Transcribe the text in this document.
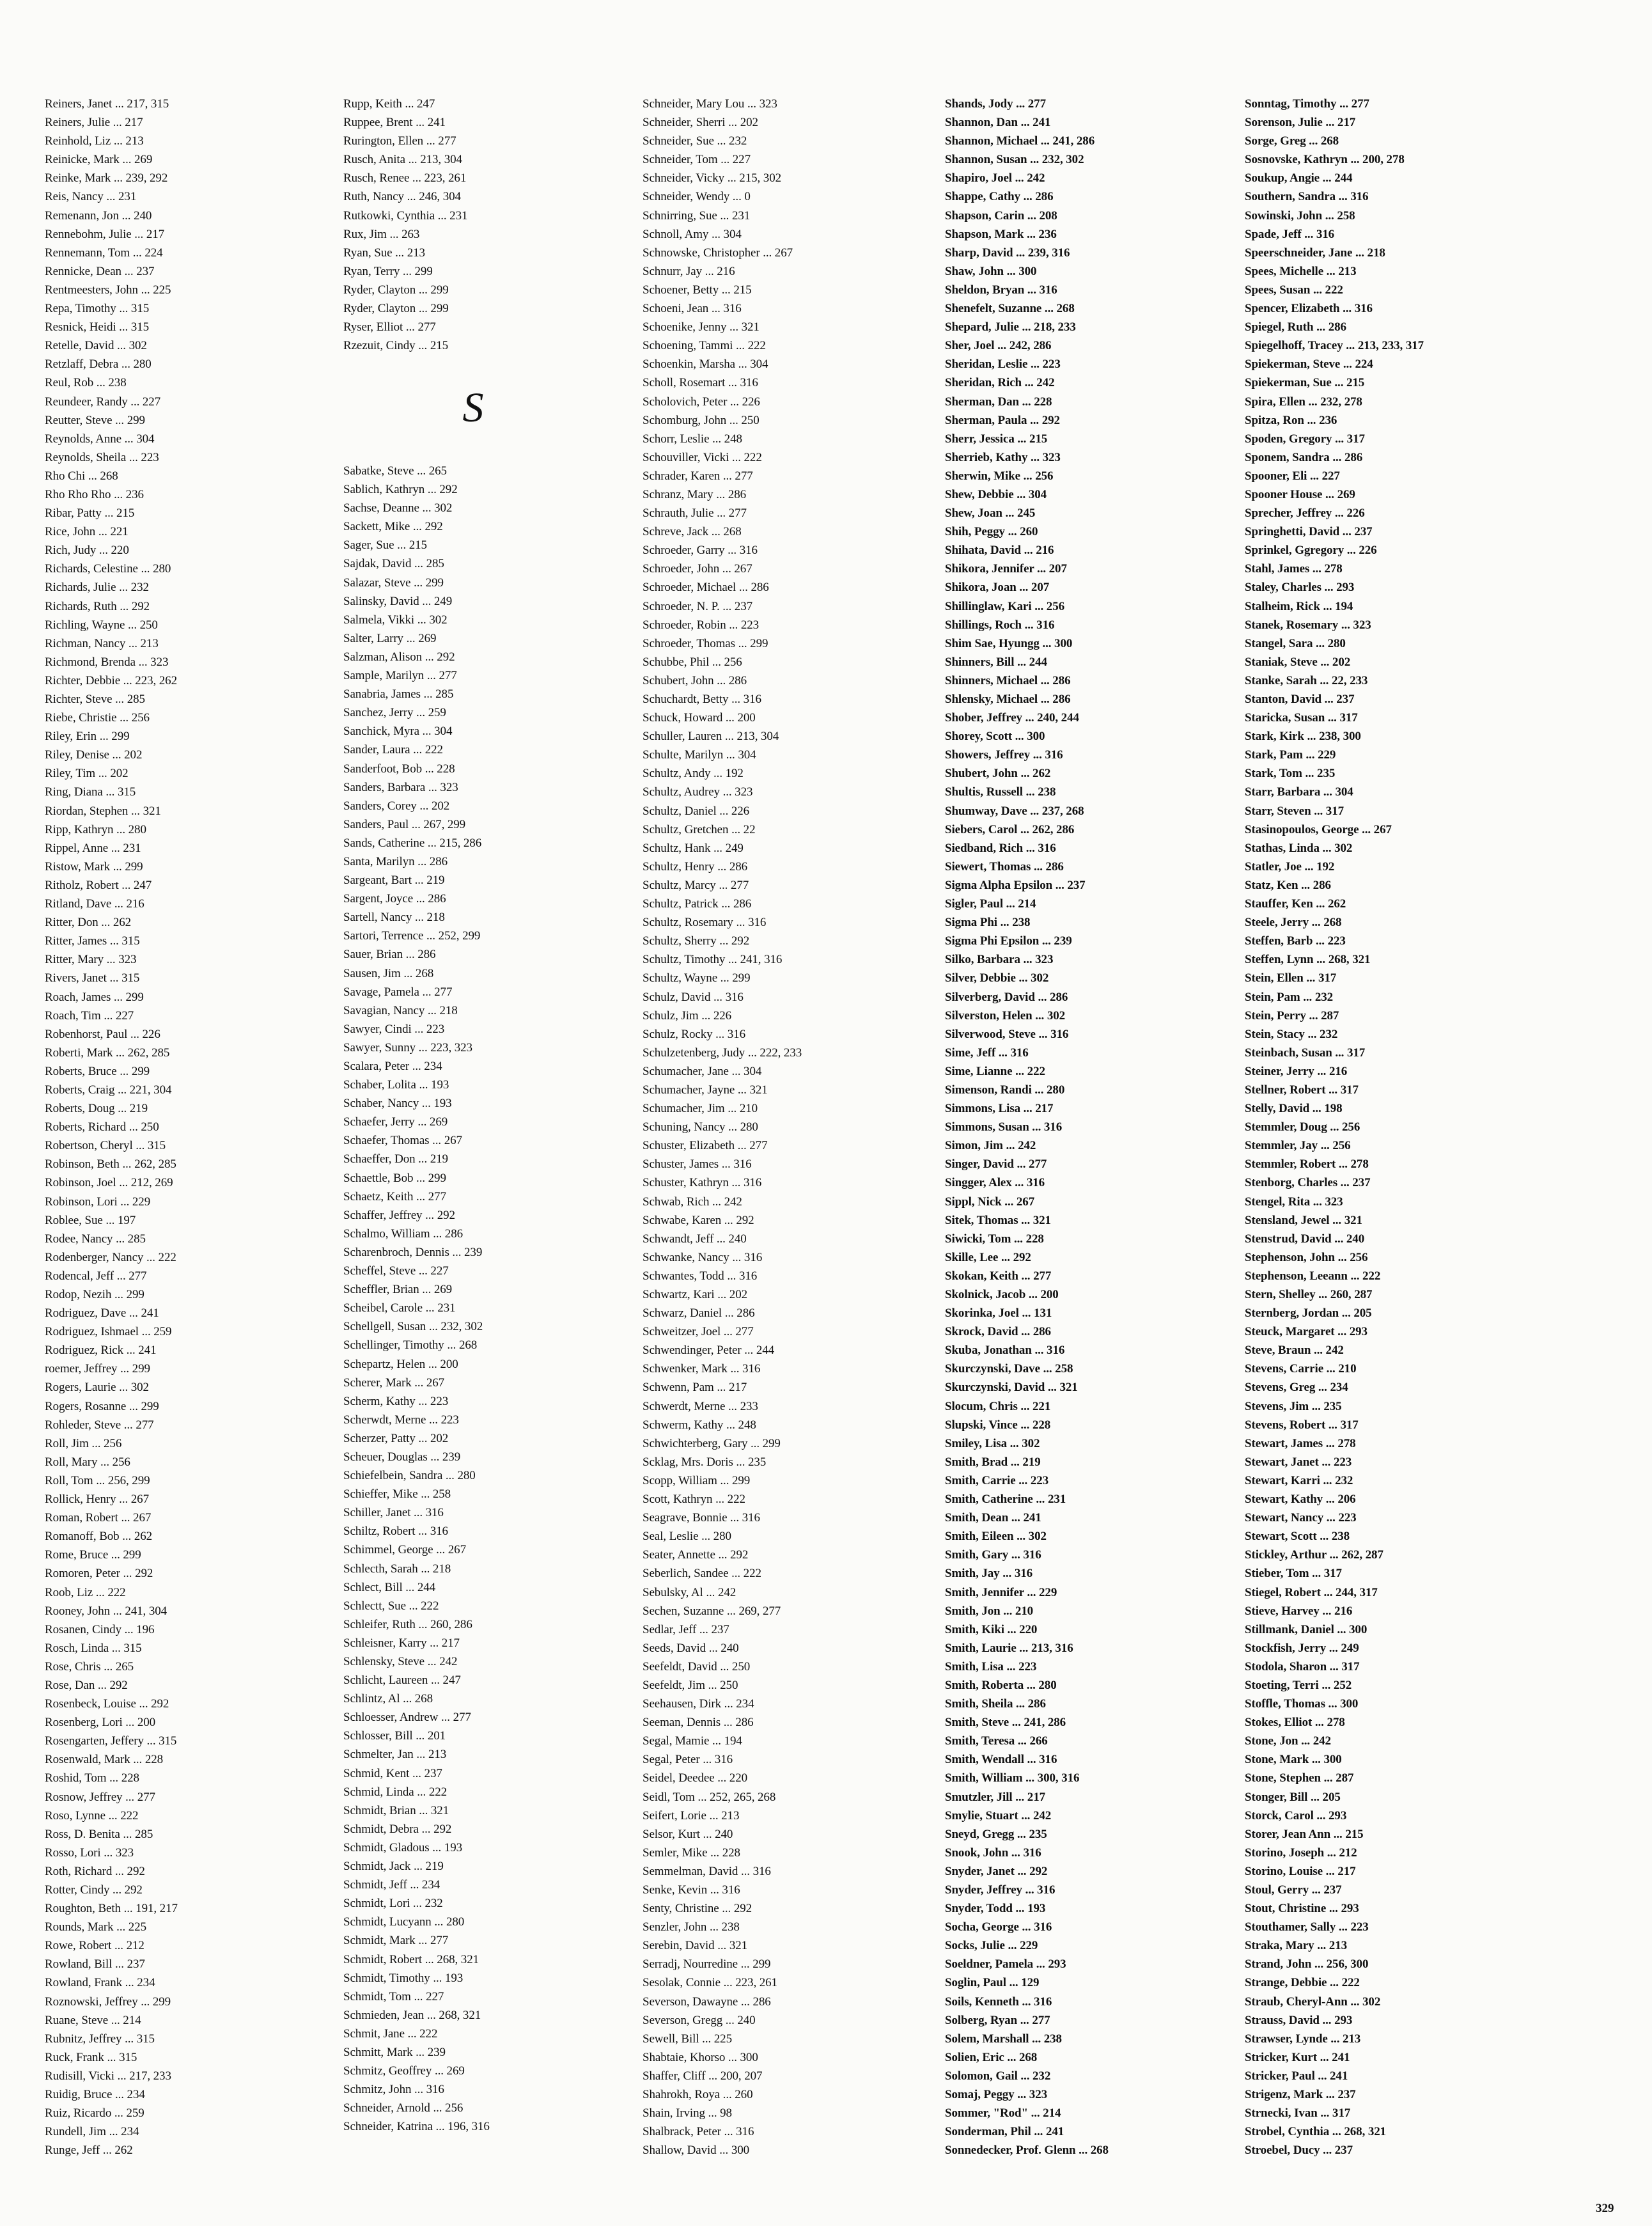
Reiners, Janet ... 217, 315
Reiners, Julie ... 217
Reinhold, Liz ... 213
Reinicke, Mark ... 269
Reinke, Mark ... 239, 292
Reis, Nancy ... 231
Remenann, Jon ... 240
Rennebohm, Julie ... 217
Rennemann, Tom ... 224
Rennicke, Dean ... 237
Rentmeesters, John ... 225
Repa, Timothy ... 315
Resnick, Heidi ... 315
Retelle, David ... 302
Retzlaff, Debra ... 280
Reul, Rob ... 238
Reundeer, Randy ... 227
Reutter, Steve ... 299
Reynolds, Anne ... 304
Reynolds, Sheila ... 223
Rho Chi ... 268
Rho Rho Rho ... 236
Ribar, Patty ... 215
Rice, John ... 221
Rich, Judy ... 220
Richards, Celestine ... 280
Richards, Julie ... 232
Richards, Ruth ... 292
Richling, Wayne ... 250
Richman, Nancy ... 213
Richmond, Brenda ... 323
Richter, Debbie ... 223, 262
Richter, Steve ... 285
Riebe, Christie ... 256
Riley, Erin ... 299
Riley, Denise ... 202
Riley, Tim ... 202
Ring, Diana ... 315
Riordan, Stephen ... 321
Ripp, Kathryn ... 280
Rippel, Anne ... 231
Ristow, Mark ... 299
Ritholz, Robert ... 247
Ritland, Dave ... 216
Ritter, Don ... 262
Ritter, James ... 315
Ritter, Mary ... 323
Rivers, Janet ... 315
Roach, James ... 299
Roach, Tim ... 227
Robenhorst, Paul ... 226
Roberti, Mark ... 262, 285
Roberts, Bruce ... 299
Roberts, Craig ... 221, 304
Roberts, Doug ... 219
Roberts, Richard ... 250
Robertson, Cheryl ... 315
Robinson, Beth ... 262, 285
Robinson, Joel ... 212, 269
Robinson, Lori ... 229
Roblee, Sue ... 197
Rodee, Nancy ... 285
Rodenberger, Nancy ... 222
Rodencal, Jeff ... 277
Rodop, Nezih ... 299
Rodriguez, Dave ... 241
Rodriguez, Ishmael ... 259
Rodriguez, Rick ... 241
roemer, Jeffrey ... 299
Rogers, Laurie ... 302
Rogers, Rosanne ... 299
Rohleder, Steve ... 277
Roll, Jim ... 256
Roll, Mary ... 256
Roll, Tom ... 256, 299
Rollick, Henry ... 267
Roman, Robert ... 267
Romanoff, Bob ... 262
Rome, Bruce ... 299
Romoren, Peter ... 292
Roob, Liz ... 222
Rooney, John ... 241, 304
Rosanen, Cindy ... 196
Rosch, Linda ... 315
Rose, Chris ... 265
Rose, Dan ... 292
Rosenbeck, Louise ... 292
Rosenberg, Lori ... 200
Rosengarten, Jeffery ... 315
Rosenwald, Mark ... 228
Roshid, Tom ... 228
Rosnow, Jeffrey ... 277
Roso, Lynne ... 222
Ross, D. Benita ... 285
Rosso, Lori ... 323
Roth, Richard ... 292
Rotter, Cindy ... 292
Roughton, Beth ... 191, 217
Rounds, Mark ... 225
Rowe, Robert ... 212
Rowland, Bill ... 237
Rowland, Frank ... 234
Roznowski, Jeffrey ... 299
Ruane, Steve ... 214
Rubnitz, Jeffrey ... 315
Ruck, Frank ... 315
Rudisill, Vicki ... 217, 233
Ruidig, Bruce ... 234
Ruiz, Ricardo ... 259
Rundell, Jim ... 234
Runge, Jeff ... 262
Rupp, Keith ... 247
Ruppee, Brent ... 241
Rurington, Ellen ... 277
Rusch, Anita ... 213, 304
Rusch, Renee ... 223, 261
Ruth, Nancy ... 246, 304
Rutkowki, Cynthia ... 231
Rux, Jim ... 263
Ryan, Sue ... 213
Ryan, Terry ... 299
Ryder, Clayton ... 299
Ryder, Clayton ... 299
Ryser, Elliot ... 277
Rzezuit, Cindy ... 215
Sabatke, Steve ... 265
Sablich, Kathryn ... 292
Sachse, Deanne ... 302
Sackett, Mike ... 292
Sager, Sue ... 215
Sajdak, David ... 285
Salazar, Steve ... 299
Salinsky, David ... 249
Salmela, Vikki ... 302
Salter, Larry ... 269
Salzman, Alison ... 292
Sample, Marilyn ... 277
Sanabria, James ... 285
Sanchez, Jerry ... 259
Sanchick, Myra ... 304
Sander, Laura ... 222
Sanderfoot, Bob ... 228
Sanders, Barbara ... 323
Sanders, Corey ... 202
Sanders, Paul ... 267, 299
Sands, Catherine ... 215, 286
Santa, Marilyn ... 286
Sargeant, Bart ... 219
Sargent, Joyce ... 286
Sartell, Nancy ... 218
Sartori, Terrence ... 252, 299
Sauer, Brian ... 286
Sausen, Jim ... 268
Savage, Pamela ... 277
Savagian, Nancy ... 218
Sawyer, Cindi ... 223
Sawyer, Sunny ... 223, 323
Scalara, Peter ... 234
Schaber, Lolita ... 193
Schaber, Nancy ... 193
Schaefer, Jerry ... 269
Schaefer, Thomas ... 267
Schaeffer, Don ... 219
Schaettle, Bob ... 299
Schaetz, Keith ... 277
Schaffer, Jeffrey ... 292
Schalmo, William ... 286
Scharenbroch, Dennis ... 239
Scheffel, Steve ... 227
Scheffler, Brian ... 269
Scheibel, Carole ... 231
Schellgell, Susan ... 232, 302
Schellinger, Timothy ... 268
Schepartz, Helen ... 200
Scherer, Mark ... 267
Scherm, Kathy ... 223
Scherwdt, Merne ... 223
Scherzer, Patty ... 202
Scheuer, Douglas ... 239
Schiefelbein, Sandra ... 280
Schieffer, Mike ... 258
Schiller, Janet ... 316
Schiltz, Robert ... 316
Schimmel, George ... 267
Schlecth, Sarah ... 218
Schlect, Bill ... 244
Schlectt, Sue ... 222
Schleifer, Ruth ... 260, 286
Schleisner, Karry ... 217
Schlensky, Steve ... 242
Schlicht, Laureen ... 247
Schlintz, Al ... 268
Schloesser, Andrew ... 277
Schlosser, Bill ... 201
Schmelter, Jan ... 213
Schmid, Kent ... 237
Schmid, Linda ... 222
Schmidt, Brian ... 321
Schmidt, Debra ... 292
Schmidt, Gladous ... 193
Schmidt, Jack ... 219
Schmidt, Jeff ... 234
Schmidt, Lori ... 232
Schmidt, Lucyann ... 280
Schmidt, Mark ... 277
Schmidt, Robert ... 268, 321
Schmidt, Timothy ... 193
Schmidt, Tom ... 227
Schmieden, Jean ... 268, 321
Schmit, Jane ... 222
Schmitt, Mark ... 239
Schmitz, Geoffrey ... 269
Schmitz, John ... 316
Schneider, Arnold ... 256
Schneider, Katrina ... 196, 316
S
Schneider, Mary Lou ... 323
Schneider, Sherri ... 202
Schneider, Sue ... 232
Schneider, Tom ... 227
Schneider, Vicky ... 215, 302
Schneider, Wendy ... 0
Schnirring, Sue ... 231
Schnoll, Amy ... 304
Schnowske, Christopher ... 267
Schnurr, Jay ... 216
Schoener, Betty ... 215
Schoeni, Jean ... 316
Schoenike, Jenny ... 321
Schoening, Tammi ... 222
Schoenkin, Marsha ... 304
Scholl, Rosemart ... 316
Scholovich, Peter ... 226
Schomburg, John ... 250
Schorr, Leslie ... 248
Schouviller, Vicki ... 222
Schrader, Karen ... 277
Schranz, Mary ... 286
Schrauth, Julie ... 277
Schreve, Jack ... 268
Schroeder, Garry ... 316
Schroeder, John ... 267
Schroeder, Michael ... 286
Schroeder, N. P. ... 237
Schroeder, Robin ... 223
Schroeder, Thomas ... 299
Schubbe, Phil ... 256
Schubert, John ... 286
Schuchardt, Betty ... 316
Schuck, Howard ... 200
Schuller, Lauren ... 213, 304
Schulte, Marilyn ... 304
Schultz, Andy ... 192
Schultz, Audrey ... 323
Schultz, Daniel ... 226
Schultz, Gretchen ... 22
Schultz, Hank ... 249
Schultz, Henry ... 286
Schultz, Marcy ... 277
Schultz, Patrick ... 286
Schultz, Rosemary ... 316
Schultz, Sherry ... 292
Schultz, Timothy ... 241, 316
Schultz, Wayne ... 299
Schulz, David ... 316
Schulz, Jim ... 226
Schulz, Rocky ... 316
Schulzetenberg, Judy ... 222, 233
Schumacher, Jane ... 304
Schumacher, Jayne ... 321
Schumacher, Jim ... 210
Schuning, Nancy ... 280
Schuster, Elizabeth ... 277
Schuster, James ... 316
Schuster, Kathryn ... 316
Schwab, Rich ... 242
Schwabe, Karen ... 292
Schwandt, Jeff ... 240
Schwanke, Nancy ... 316
Schwantes, Todd ... 316
Schwartz, Kari ... 202
Schwarz, Daniel ... 286
Schweitzer, Joel ... 277
Schwendinger, Peter ... 244
Schwenker, Mark ... 316
Schwenn, Pam ... 217
Schwerdt, Merne ... 233
Schwerm, Kathy ... 248
Schwichterberg, Gary ... 299
Scklag, Mrs. Doris ... 235
Scopp, William ... 299
Scott, Kathryn ... 222
Seagrave, Bonnie ... 316
Seal, Leslie ... 280
Seater, Annette ... 292
Seberlich, Sandee ... 222
Sebulsky, Al ... 242
Sechen, Suzanne ... 269, 277
Sedlar, Jeff ... 237
Seeds, David ... 240
Seefeldt, David ... 250
Seefeldt, Jim ... 250
Seehausen, Dirk ... 234
Seeman, Dennis ... 286
Segal, Mamie ... 194
Segal, Peter ... 316
Seidel, Deedee ... 220
Seidl, Tom ... 252, 265, 268
Seifert, Lorie ... 213
Selsor, Kurt ... 240
Semler, Mike ... 228
Semmelman, David ... 316
Senke, Kevin ... 316
Senty, Christine ... 292
Senzler, John ... 238
Serebin, David ... 321
Serradj, Nourredine ... 299
Sesolak, Connie ... 223, 261
Severson, Dawayne ... 286
Severson, Gregg ... 240
Sewell, Bill ... 225
Shabtaie, Khorso ... 300
Shaffer, Cliff ... 200, 207
Shahrokh, Roya ... 260
Shain, Irving ... 98
Shalbrack, Peter ... 316
Shallow, David ... 300
Shands, Jody ... 277
Shannon, Dan ... 241
Shannon, Michael ... 241, 286
Shannon, Susan ... 232, 302
Shapiro, Joel ... 242
Shappe, Cathy ... 286
Shapson, Carin ... 208
Shapson, Mark ... 236
Sharp, David ... 239, 316
Shaw, John ... 300
Sheldon, Bryan ... 316
Shenefelt, Suzanne ... 268
Shepard, Julie ... 218, 233
Sher, Joel ... 242, 286
Sheridan, Leslie ... 223
Sheridan, Rich ... 242
Sherman, Dan ... 228
Sherman, Paula ... 292
Sherr, Jessica ... 215
Sherrieb, Kathy ... 323
Sherwin, Mike ... 256
Shew, Debbie ... 304
Shew, Joan ... 245
Shih, Peggy ... 260
Shihata, David ... 216
Shikora, Jennifer ... 207
Shikora, Joan ... 207
Shillinglaw, Kari ... 256
Shillings, Roch ... 316
Shim Sae, Hyungg ... 300
Shinners, Bill ... 244
Shinners, Michael ... 286
Shlensky, Michael ... 286
Shober, Jeffrey ... 240, 244
Shorey, Scott ... 300
Showers, Jeffrey ... 316
Shubert, John ... 262
Shultis, Russell ... 238
Shumway, Dave ... 237, 268
Siebers, Carol ... 262, 286
Siedband, Rich ... 316
Siewert, Thomas ... 286
Sigma Alpha Epsilon ... 237
Sigler, Paul ... 214
Sigma Phi ... 238
Sigma Phi Epsilon ... 239
Silko, Barbara ... 323
Silver, Debbie ... 302
Silverberg, David ... 286
Silverston, Helen ... 302
Silverwood, Steve ... 316
Sime, Jeff ... 316
Sime, Lianne ... 222
Simenson, Randi ... 280
Simmons, Lisa ... 217
Simmons, Susan ... 316
Simon, Jim ... 242
Singer, David ... 277
Singger, Alex ... 316
Sippl, Nick ... 267
Sitek, Thomas ... 321
Siwicki, Tom ... 228
Skille, Lee ... 292
Skokan, Keith ... 277
Skolnick, Jacob ... 200
Skorinka, Joel ... 131
Skrock, David ... 286
Skuba, Jonathan ... 316
Skurczynski, Dave ... 258
Skurczynski, David ... 321
Slocum, Chris ... 221
Slupski, Vince ... 228
Smiley, Lisa ... 302
Smith, Brad ... 219
Smith, Carrie ... 223
Smith, Catherine ... 231
Smith, Dean ... 241
Smith, Eileen ... 302
Smith, Gary ... 316
Smith, Jay ... 316
Smith, Jennifer ... 229
Smith, Jon ... 210
Smith, Kiki ... 220
Smith, Laurie ... 213, 316
Smith, Lisa ... 223
Smith, Roberta ... 280
Smith, Sheila ... 286
Smith, Steve ... 241, 286
Smith, Teresa ... 266
Smith, Wendall ... 316
Smith, William ... 300, 316
Smutzler, Jill ... 217
Smylie, Stuart ... 242
Sneyd, Gregg ... 235
Snook, John ... 316
Snyder, Janet ... 292
Snyder, Jeffrey ... 316
Snyder, Todd ... 193
Socha, George ... 316
Socks, Julie ... 229
Soeldner, Pamela ... 293
Soglin, Paul ... 129
Soils, Kenneth ... 316
Solberg, Ryan ... 277
Solem, Marshall ... 238
Solien, Eric ... 268
Solomon, Gail ... 232
Somaj, Peggy ... 323
Sommer, "Rod" ... 214
Sonderman, Phil ... 241
Sonnedecker, Prof. Glenn ... 268
Sonntag, Timothy ... 277
Sorenson, Julie ... 217
Sorge, Greg ... 268
Sosnovske, Kathryn ... 200, 278
Soukup, Angie ... 244
Southern, Sandra ... 316
Sowinski, John ... 258
Spade, Jeff ... 316
Speerschneider, Jane ... 218
Spees, Michelle ... 213
Spees, Susan ... 222
Spencer, Elizabeth ... 316
Spiegel, Ruth ... 286
Spiegelhoff, Tracey ... 213, 233, 317
Spiekerman, Steve ... 224
Spiekerman, Sue ... 215
Spira, Ellen ... 232, 278
Spitza, Ron ... 236
Spoden, Gregory ... 317
Sponem, Sandra ... 286
Spooner, Eli ... 227
Spooner House ... 269
Sprecher, Jeffrey ... 226
Springhetti, David ... 237
Sprinkel, Ggregory ... 226
Stahl, James ... 278
Staley, Charles ... 293
Stalheim, Rick ... 194
Stanek, Rosemary ... 323
Stangel, Sara ... 280
Staniak, Steve ... 202
Stanke, Sarah ... 22, 233
Stanton, David ... 237
Staricka, Susan ... 317
Stark, Kirk ... 238, 300
Stark, Pam ... 229
Stark, Tom ... 235
Starr, Barbara ... 304
Starr, Steven ... 317
Stasinopoulos, George ... 267
Stathas, Linda ... 302
Statler, Joe ... 192
Statz, Ken ... 286
Stauffer, Ken ... 262
Steele, Jerry ... 268
Steffen, Barb ... 223
Steffen, Lynn ... 268, 321
Stein, Ellen ... 317
Stein, Pam ... 232
Stein, Perry ... 287
Stein, Stacy ... 232
Steinbach, Susan ... 317
Steiner, Jerry ... 216
Stellner, Robert ... 317
Stelly, David ... 198
Stemmler, Doug ... 256
Stemmler, Jay ... 256
Stemmler, Robert ... 278
Stenborg, Charles ... 237
Stengel, Rita ... 323
Stensland, Jewel ... 321
Stenstrud, David ... 240
Stephenson, John ... 256
Stephenson, Leeann ... 222
Stern, Shelley ... 260, 287
Sternberg, Jordan ... 205
Steuck, Margaret ... 293
Steve, Braun ... 242
Stevens, Carrie ... 210
Stevens, Greg ... 234
Stevens, Jim ... 235
Stevens, Robert ... 317
Stewart, James ... 278
Stewart, Janet ... 223
Stewart, Karri ... 232
Stewart, Kathy ... 206
Stewart, Nancy ... 223
Stewart, Scott ... 238
Stickley, Arthur ... 262, 287
Stieber, Tom ... 317
Stiegel, Robert ... 244, 317
Stieve, Harvey ... 216
Stillmank, Daniel ... 300
Stockfish, Jerry ... 249
Stodola, Sharon ... 317
Stoeting, Terri ... 252
Stoffle, Thomas ... 300
Stokes, Elliot ... 278
Stone, Jon ... 242
Stone, Mark ... 300
Stone, Stephen ... 287
Stonger, Bill ... 205
Storck, Carol ... 293
Storer, Jean Ann ... 215
Storino, Joseph ... 212
Storino, Louise ... 217
Stoul, Gerry ... 237
Stout, Christine ... 293
Stouthamer, Sally ... 223
Straka, Mary ... 213
Strand, John ... 256, 300
Strange, Debbie ... 222
Straub, Cheryl-Ann ... 302
Strauss, David ... 293
Strawser, Lynde ... 213
Stricker, Kurt ... 241
Stricker, Paul ... 241
Strigenz, Mark ... 237
Strnecki, Ivan ... 317
Strobel, Cynthia ... 268, 321
Stroebel, Ducy ... 237
329
